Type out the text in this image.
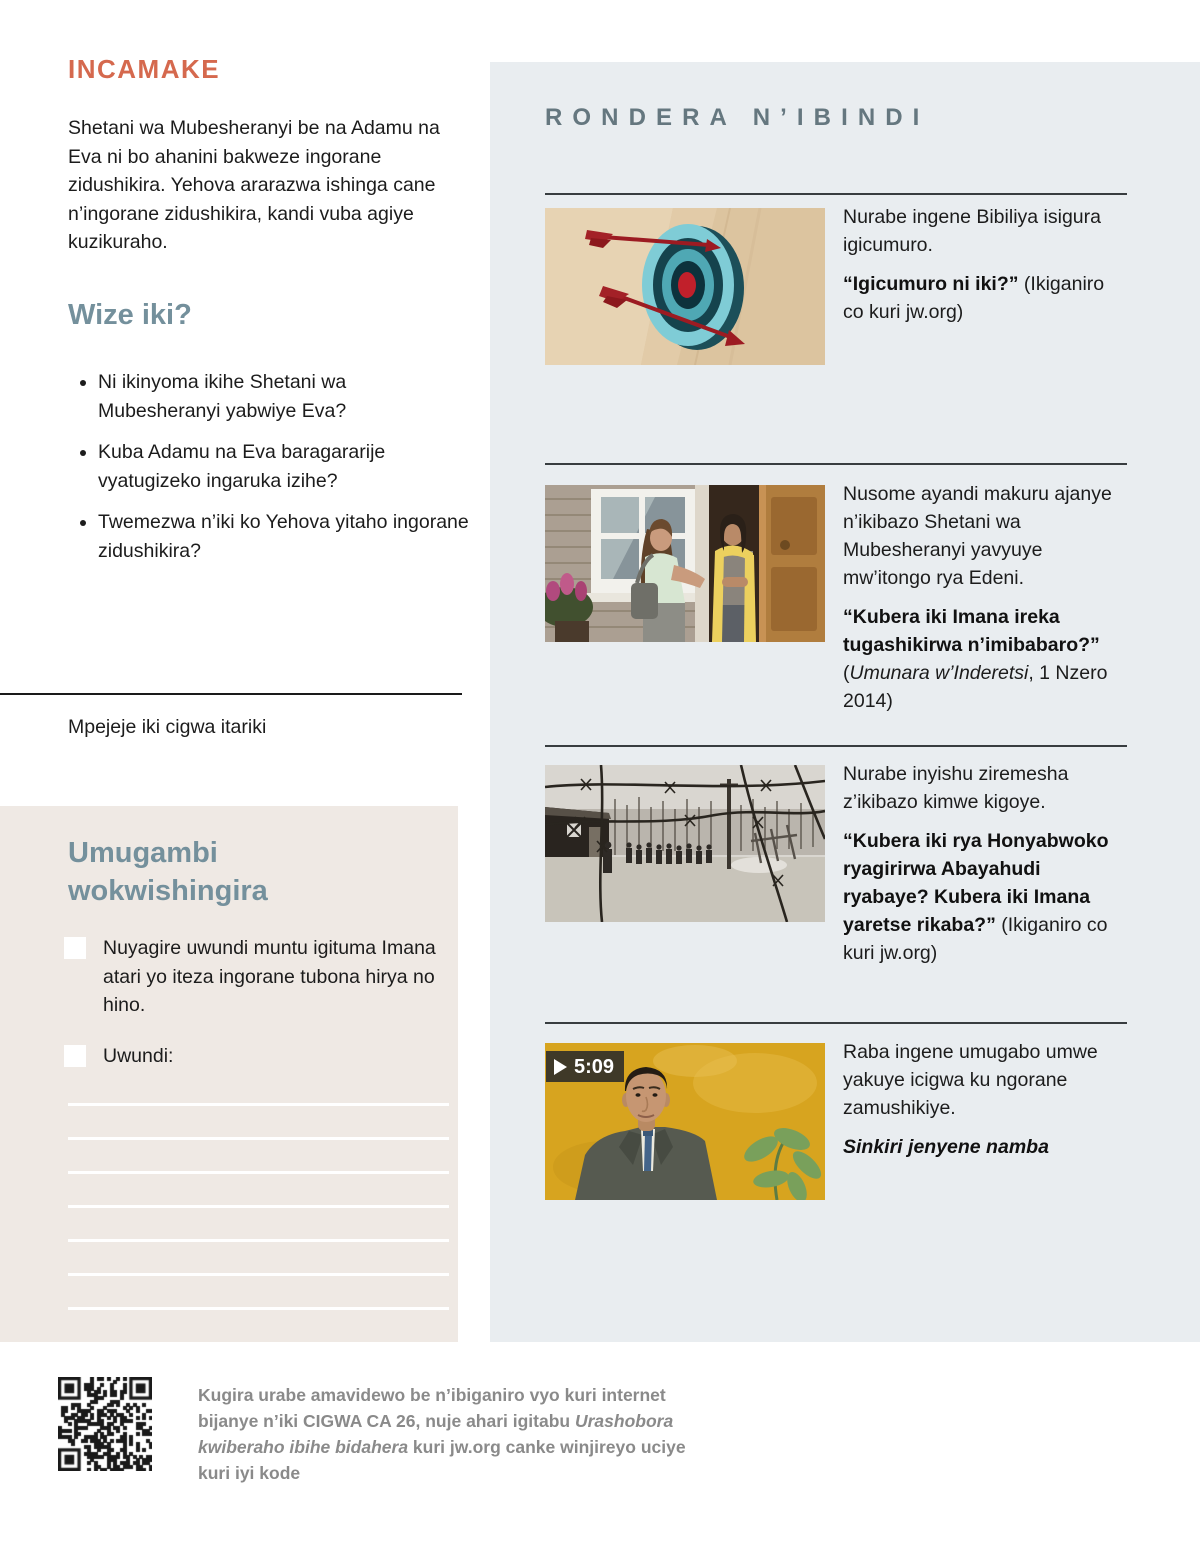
INCAMAKE

Shetani wa Mubesheranyi be na Adamu na Eva ni bo ahanini bakweze ingorane zidushikira. Yehova ararazwa ishinga cane n’ingorane zidushikira, kandi vuba agiye kuzikuraho.

Wize iki?
• Ni ikinyoma ikihe Shetani wa Mubesheranyi yabwiye Eva?
• Kuba Adamu na Eva baragararije vyatugizeko ingaruka izihe?
• Twemezwa n’iki ko Yehova yitaho ingorane zidushikira?

Mpejeje iki cigwa itariki

Umugambi wokwishingira

Nuyagire uwundi muntu igituma Imana atari yo iteza ingorane tubona hirya no hino.

Uwundi:

Kugira urabe amavidewo be n’ibiganiro vyo kuri internet bijanye n’iki CIGWA CA 26, nuje ahari igitabu Urashobora kwiberaho ibihe bidahera kuri jw.org canke winjireyo uciye kuri iyi kode

RONDERA N’IBINDI

Nurabe ingene Bibiliya isigura igicumuro.

“Igicumuro ni iki?” (Ikiganiro co kuri jw.org)

Nusome ayandi makuru ajanye n’ikibazo Shetani wa Mubesheranyi yavyuye mw’itongo rya Edeni.

“Kubera iki Imana ireka tugashikirwa n’imibabaro?” (Umunara w’Inderetsi, 1 Nzero 2014)

Nurabe inyishu ziremesha z’ikibazo kimwe kigoye.

“Kubera iki rya Honyabwoko ryagirirwa Abayahudi ryabaye? Kubera iki Imana yaretse rikaba?” (Ikiganiro co kuri jw.org)

5:09

Raba ingene umugabo umwe yakuye icigwa ku ngorane zamushikiye.

Sinkiri jenyene namba
